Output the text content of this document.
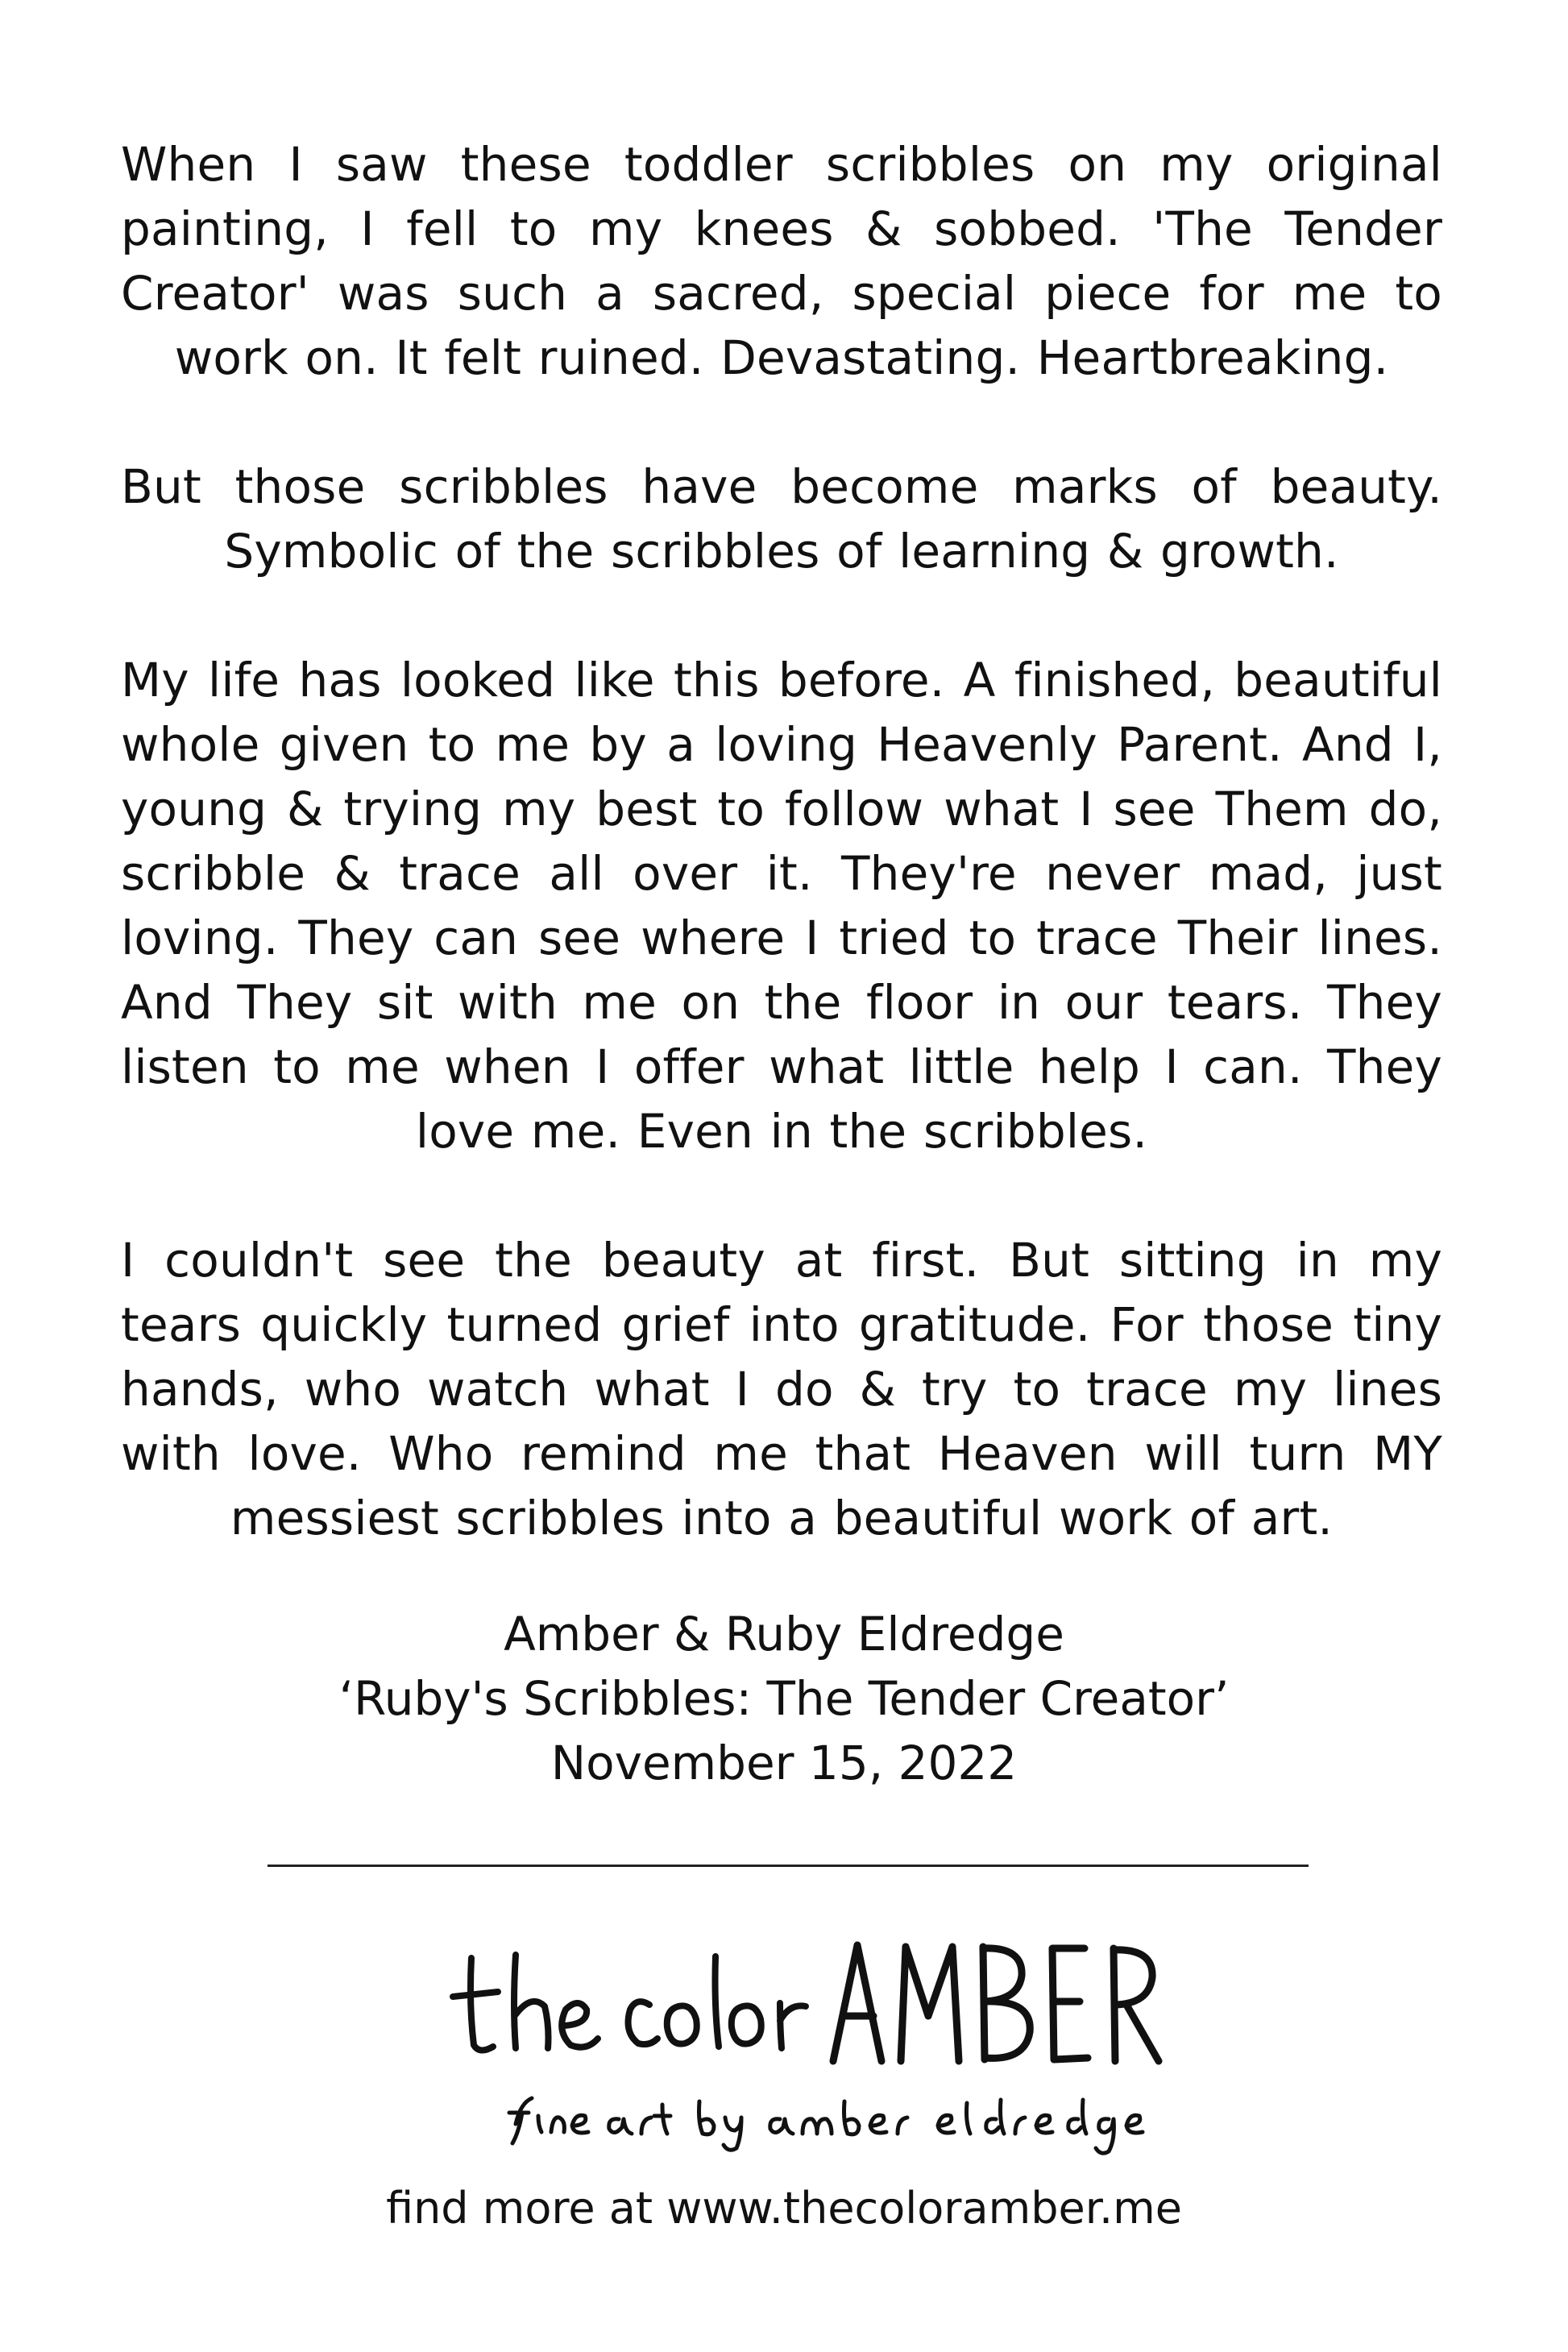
When I saw these toddler scribbles on my original painting, I fell to my knees & sobbed. 'The Tender Creator' was such a sacred, special piece for me to work on. It felt ruined. Devastating. Heartbreaking.

But those scribbles have become marks of beauty. Symbolic of the scribbles of learning & growth.

My life has looked like this before. A finished, beautiful whole given to me by a loving Heavenly Parent. And I, young & trying my best to follow what I see Them do, scribble & trace all over it. They're never mad, just loving. They can see where I tried to trace Their lines. And They sit with me on the floor in our tears. They listen to me when I offer what little help I can. They love me. Even in the scribbles.

I couldn't see the beauty at first. But sitting in my tears quickly turned grief into gratitude. For those tiny hands, who watch what I do & try to trace my lines with love. Who remind me that Heaven will turn MY messiest scribbles into a beautiful work of art.

Amber & Ruby Eldredge
‘Ruby's Scribbles: The Tender Creator’
November 15, 2022
find more at www.thecoloramber.me
